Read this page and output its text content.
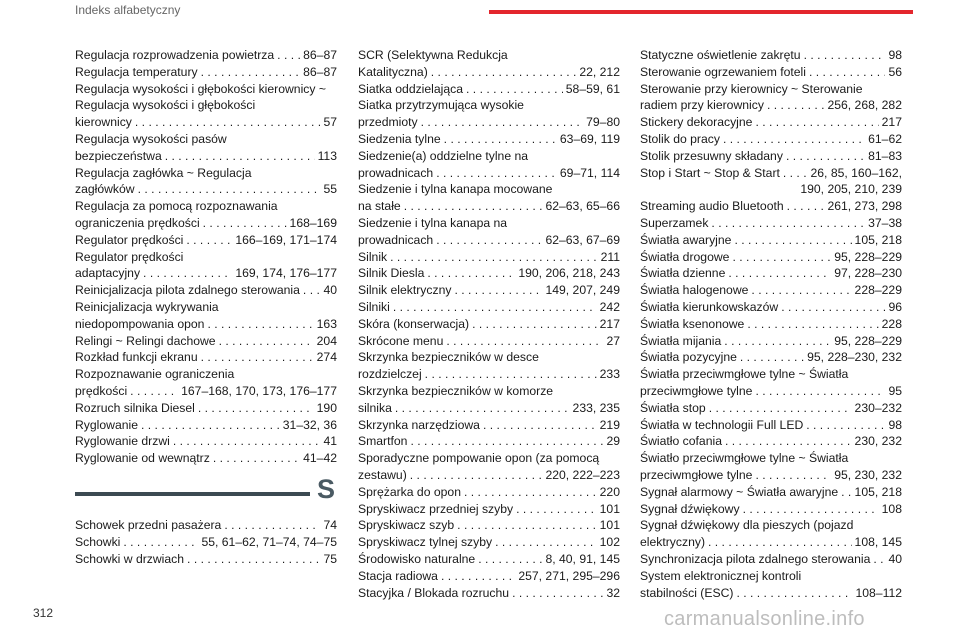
Indeks alfabetyczny
Regulacja rozprowadzenia powietrza . . . 86–87
Regulacja temperatury . . .	86–87
Regulacja wysokości i głębokości kierownicy ~
Regulacja wysokości i głębokości
kierownicy . . .	57
Regulacja wysokości pasów
bezpieczeństwa . . .	113
Regulacja zagłówka ~ Regulacja
zagłówków . . .	55
Regulacja za pomocą rozpoznawania
ograniczenia prędkości . . .	168–169
Regulator prędkości . . .	166–169, 171–174
Regulator prędkości
adaptacyjny . . .	169, 174, 176–177
Reinicjalizacja pilota zdalnego sterowania . . . 40
Reinicjalizacja wykrywania
niedopompowania opon . . .	163
Relingi ~ Relingi dachowe . . .	204
Rozkład funkcji ekranu . . .	274
Rozpoznawanie ograniczenia
prędkości . . .	167–168, 170, 173, 176–177
Rozruch silnika Diesel . . .	190
Ryglowanie . . .	31–32, 36
Ryglowanie drzwi . . .	41
Ryglowanie od wewnątrz . . .	41–42
SCR (Selektywna Redukcja
Katalityczna) . . .	22, 212
Siatka oddzielająca . . .	58–59, 61
Siatka przytrzymująca wysokie
przedmioty . . .	79–80
Siedzenia tylne . . .	63–69, 119
Siedzenie(a) oddzielne tylne na
prowadnicach . . .	69–71, 114
Siedzenie i tylna kanapa mocowane
na stałe . . .	62–63, 65–66
Siedzenie i tylna kanapa na
prowadnicach . . .	62–63, 67–69
Silnik . . .	211
Silnik Diesla . . .	190, 206, 218, 243
Silnik elektryczny . . .	149, 207, 249
Silniki . . .	242
Skóra (konserwacja) . . .	217
Skrócone menu . . .	27
Skrzynka bezpieczników w desce
rozdzielczej . . .	233
Skrzynka bezpieczników w komorze
silnika . . .	233, 235
Skrzynka narzędziowa . . .	219
Smartfon . . .	29
Sporadyczne pompowanie opon (za pomocą
zestawu) . . .	220, 222–223
Sprężarka do opon . . .	220
Spryskiwacz przedniej szyby . . .	101
Spryskiwacz szyb . . .	101
Spryskiwacz tylnej szyby . . .	102
Środowisko naturalne . . .	8, 40, 91, 145
Stacja radiowa . . .	257, 271, 295–296
Stacyjka / Blokada rozruchu . . .	32
Statyczne oświetlenie zakrętu . . .	98
Sterowanie ogrzewaniem foteli . . .	56
Sterowanie przy kierownicy ~ Sterowanie
radiem przy kierownicy . . .	256, 268, 282
Stickery dekoracyjne . . .	217
Stolik do pracy . . .	61–62
Stolik przesuwny składany . . .	81–83
Stop i Start ~ Stop & Start . . .	26, 85, 160–162,
190, 205, 210, 239
Streaming audio Bluetooth . . .	261, 273, 298
Superzamek . . .	37–38
Światła awaryjne . . .	105, 218
Światła drogowe . . .	95, 228–229
Światła dzienne . . .	97, 228–230
Światła halogenowe . . .	228–229
Światła kierunkowskazów . . .	96
Światła ksenonowe . . .	228
Światła mijania . . .	95, 228–229
Światła pozycyjne . . .	95, 228–230, 232
Światła przeciwmgłowe tylne ~ Światła
przeciwmgłowe tylne . . .	95
Światła stop . . .	230–232
Światła w technologii Full LED . . .	98
Światło cofania . . .	230, 232
Światło przeciwmgłowe tylne ~ Światła
przeciwmgłowe tylne . . .	95, 230, 232
Sygnał alarmowy ~ Światła awaryjne . . . 105, 218
Sygnał dźwiękowy . . .	108
Sygnał dźwiękowy dla pieszych (pojazd
elektryczny) . . .	108, 145
Synchronizacja pilota zdalnego sterowania . . . 40
System elektronicznej kontroli
stabilności (ESC) . . .	108–112
S
Schowek przedni pasażera . . .	74
Schowki . . .	55, 61–62, 71–74, 74–75
Schowki w drzwiach . . .	75
312	carmanualsonline.info
